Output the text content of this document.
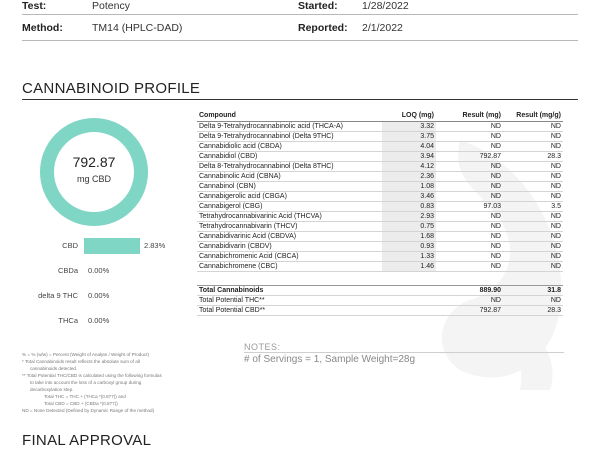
Test:	Potency	Started: 1/28/2022
Method:	TM14 (HPLC-DAD)	Reported: 2/1/2022
CANNABINOID PROFILE
792.87
mg CBD
CBD	2.83%
CBDa 0.00%
delta 9 THC 0.00%
THCa 0.00%
Compound	LOQ (mg)	Result (mg)	Result (mg/g)
Delta 9-Tetrahydrocannabinolic acid (THCA-A)	3.32	ND	ND
Delta 9-Tetrahydrocannabinol (Delta 9THC)	3.75	ND	ND
Cannabidiolic acid (CBDA)	4.04	ND	ND
Cannabidiol (CBD)	3.94	792.87	28.3
Delta 8-Tetrahydrocannabinol (Delta 8THC)	4.12	ND	ND
Cannabinolic Acid (CBNA)	2.36	ND	ND
Cannabinol (CBN)	1.08	ND	ND
Cannabigerolic acid (CBGA)	3.46	ND	ND
Cannabigerol (CBG)	0.83	97.03	3.5
Tetrahydrocannabivarinic Acid (THCVA)	2.93	ND	ND
Tetrahydrocannabivarin (THCV)	0.75	ND	ND
Cannabidivarinic Acid (CBDVA)	1.68	ND	ND
Cannabidivarin (CBDV)	0.93	ND	ND
Cannabichromenic Acid (CBCA)	1.33	ND	ND
Cannabichromene (CBC)	1.46	ND	ND

Total Cannabinoids		889.90	31.8
Total Potential THC**		ND	ND
Total Potential CBD**		792.87	28.3
NOTES:
# of Servings = 1, Sample Weight=28g
% = % (w/w) = Percent (Weight of Analyte / Weight of Product)
* Total Cannabinoids result reflects the absolute sum of all
cannabinoids detected.
** Total Potential THC/CBD is calculated using the following formulas
to take into account the loss of a carboxyl group during
decarboxylation step.
Total THC = THC + (THCa *(0.877)) and
Total CBD = CBD + (CBDa *(0.877))
ND = None Detected (Defined by Dynamic Range of the method)
FINAL APPROVAL
